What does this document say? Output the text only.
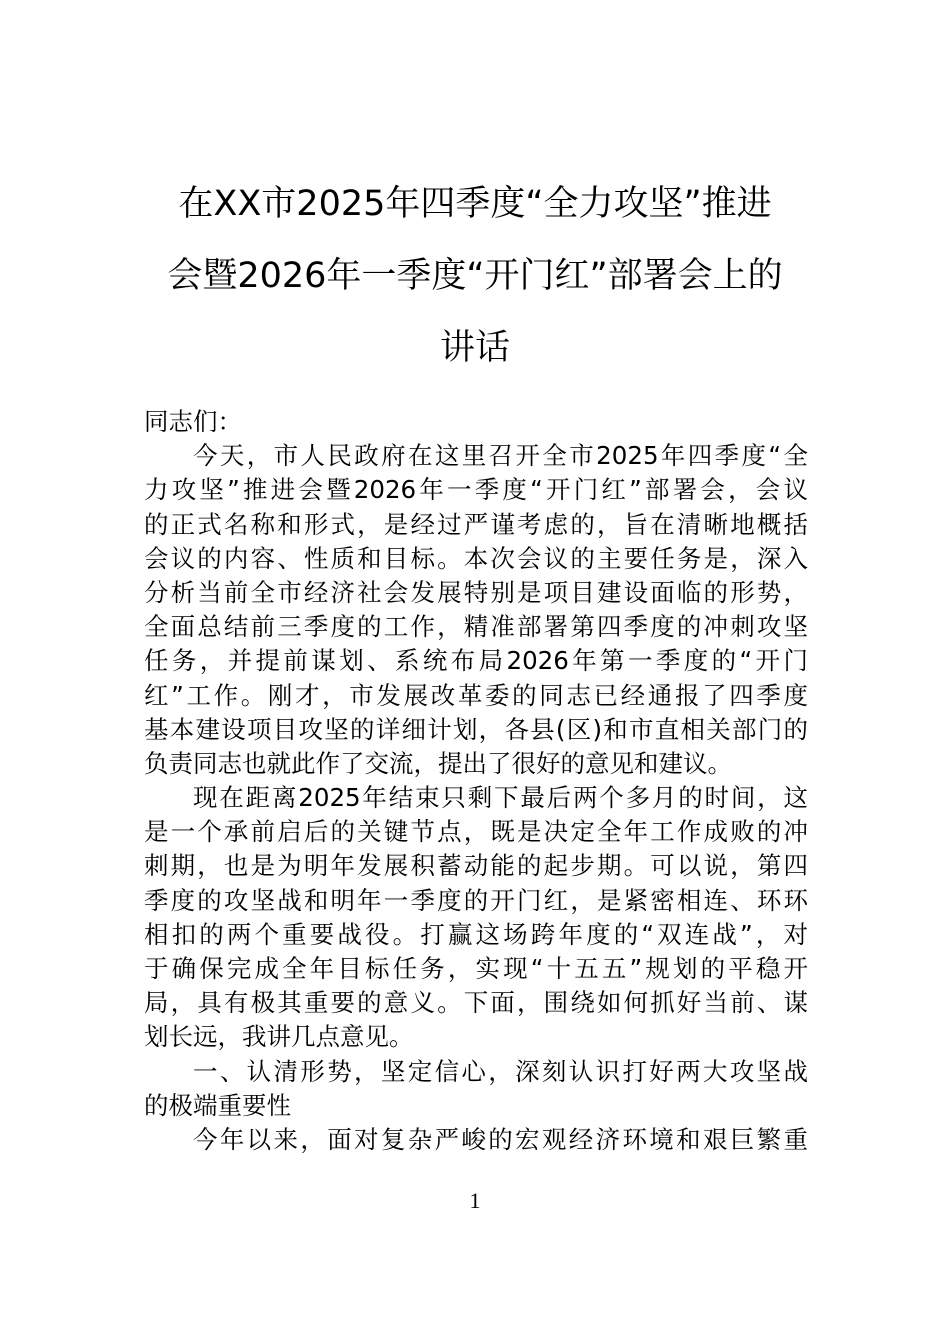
在XX市2025年四季度“全力攻坚”推进
会暨2026年一季度“开门红”部署会上的
讲话
同志们：
今天，市人民政府在这里召开全市2025年四季度“全
力攻坚”推进会暨2026年一季度“开门红”部署会，会议
的正式名称和形式，是经过严谨考虑的，旨在清晰地概括
会议的内容、性质和目标。本次会议的主要任务是，深入
分析当前全市经济社会发展特别是项目建设面临的形势，
全面总结前三季度的工作，精准部署第四季度的冲刺攻坚
任务，并提前谋划、系统布局2026年第一季度的“开门
红”工作。刚才，市发展改革委的同志已经通报了四季度
基本建设项目攻坚的详细计划，各县(区)和市直相关部门的
负责同志也就此作了交流，提出了很好的意见和建议。
现在距离2025年结束只剩下最后两个多月的时间，这
是一个承前启后的关键节点，既是决定全年工作成败的冲
刺期，也是为明年发展积蓄动能的起步期。可以说，第四
季度的攻坚战和明年一季度的开门红，是紧密相连、环环
相扣的两个重要战役。打赢这场跨年度的“双连战”，对
于确保完成全年目标任务，实现“十五五”规划的平稳开
局，具有极其重要的意义。下面，围绕如何抓好当前、谋
划长远，我讲几点意见。
一、认清形势，坚定信心，深刻认识打好两大攻坚战
的极端重要性
今年以来，面对复杂严峻的宏观经济环境和艰巨繁重
1
